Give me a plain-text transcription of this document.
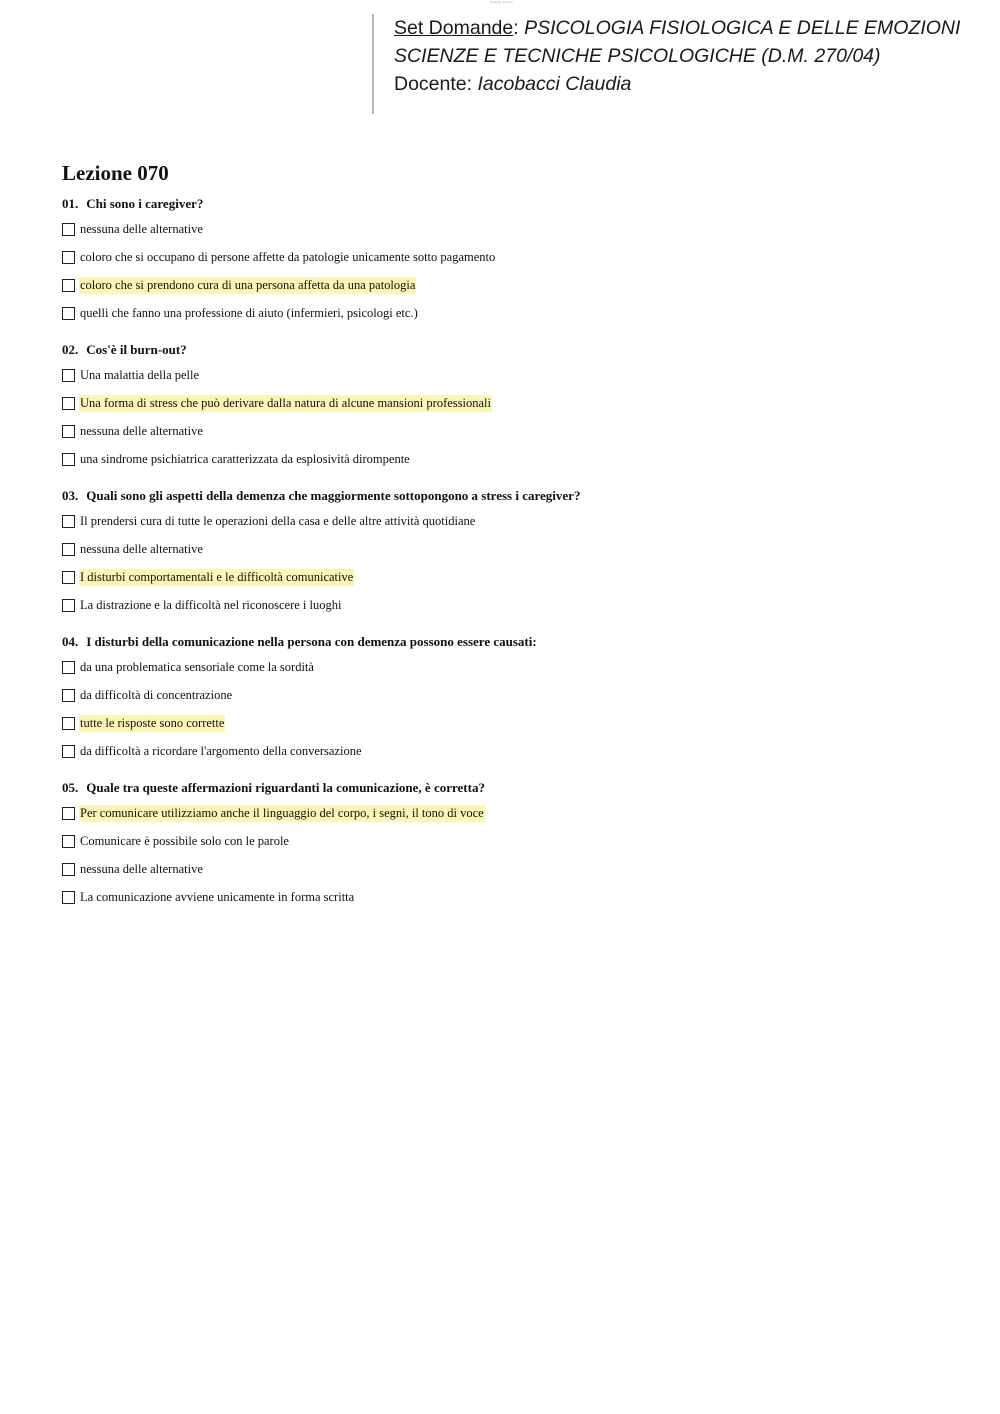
Docente: xxx-xxx
Set Domande: PSICOLOGIA FISIOLOGICA E DELLE EMOZIONI
SCIENZE E TECNICHE PSICOLOGICHE (D.M. 270/04)
Docente: Iacobacci Claudia
Lezione 070
01. Chi sono i caregiver?
nessuna delle alternative
coloro che si occupano di persone affette da patologie unicamente sotto pagamento
coloro che si prendono cura di una persona affetta da una patologia
quelli che fanno una professione di aiuto (infermieri, psicologi etc.)
02. Cos'è il burn-out?
Una malattia della pelle
Una forma di stress che può derivare dalla natura di alcune mansioni professionali
nessuna delle alternative
una sindrome psichiatrica caratterizzata da esplosività dirompente
03. Quali sono gli aspetti della demenza che maggiormente sottopongono a stress i caregiver?
Il prendersi cura di tutte le operazioni della casa e delle altre attività quotidiane
nessuna delle alternative
I disturbi comportamentali e le difficoltà comunicative
La distrazione e la difficoltà nel riconoscere i luoghi
04. I disturbi della comunicazione nella persona con demenza possono essere causati:
da una problematica sensoriale come la sordità
da difficoltà di concentrazione
tutte le risposte sono corrette
da difficoltà a ricordare l'argomento della conversazione
05. Quale tra queste affermazioni riguardanti la comunicazione, è corretta?
Per comunicare utilizziamo anche il linguaggio del corpo, i segni, il tono di voce
Comunicare è possibile solo con le parole
nessuna delle alternative
La comunicazione avviene unicamente in forma scritta
